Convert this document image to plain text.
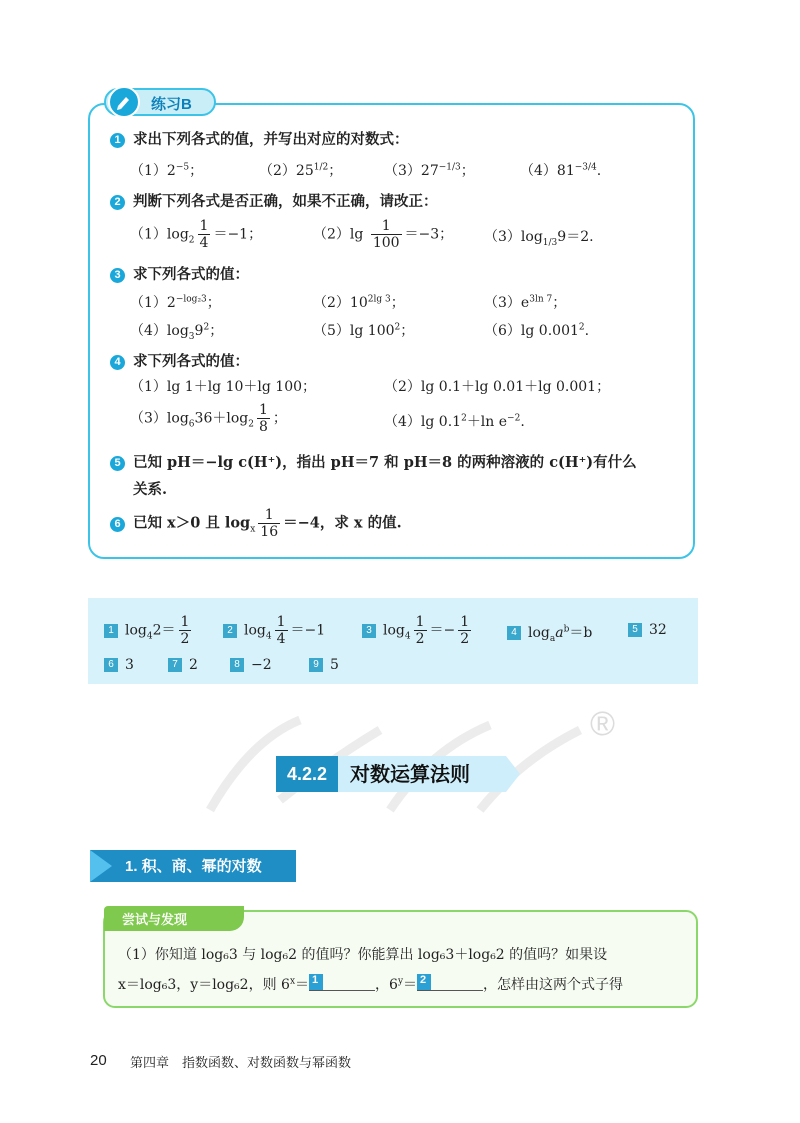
练习B
1 求出下列各式的值，并写出对应的对数式：
$(1)2^{-5}$；	$(2)25^{1/2}$；	$(3)27^{-1/3}$；	$(4)81^{-3/4}$.
2 判断下列各式是否正确，如果不正确，请改正：
$(1)\log_2 \frac{1}{4} =-1$；	$(2)\lg \frac{1}{100} =-3$； $(3)\log_{1/3}9=2$.
3 求下列各式的值：
$(1)2^{-log_23}$；	$(2)10^{2lg 3}$；	$(3)e^{3ln 7}$；
$(4)\log_39^2$；	（5）lg $100^2$；	（6）lg 0.001$^2$.
4 求下列各式的值：
（1）lg 1＋lg 10＋lg 100；	（2）lg 0.1＋lg 0.01＋lg 0.001；
$(3)\log_636+\log_2 \frac{1}{8}$ ；	（4）lg $0.1^2+\ln$ $e^{-2}$.
5 已知 pH＝−lg c(H⁺)，指出 pH＝7 和 pH＝8 的两种溶液的 c(H⁺)有什么
关系.
6 已知 x＞0 且 $\log_x \frac{1}{16} =-4$，求 x 的值.
1 $\log_42= \frac{1}{2}$	2 $\log_4 \frac{1}{4} =-1$	3 $\log_4 \frac{1}{2} =- \frac{1}{2}$	4 $\log_aa^b=b$	5 32
6 3	7 2	8 −2	9 5
®
4.2.2	对数运算法则
1. 积、商、幂的对数
尝试与发现
（1）你知道 log₆3 与 log₆2 的值吗？你能算出 log₆3＋log₆2 的值吗？如果设
x＝log₆3，y＝log₆2，则 $6^x= 1$	，$6^y= 2$	，怎样由这两个式子得
20 第四章　指数函数、对数函数与幂函数
